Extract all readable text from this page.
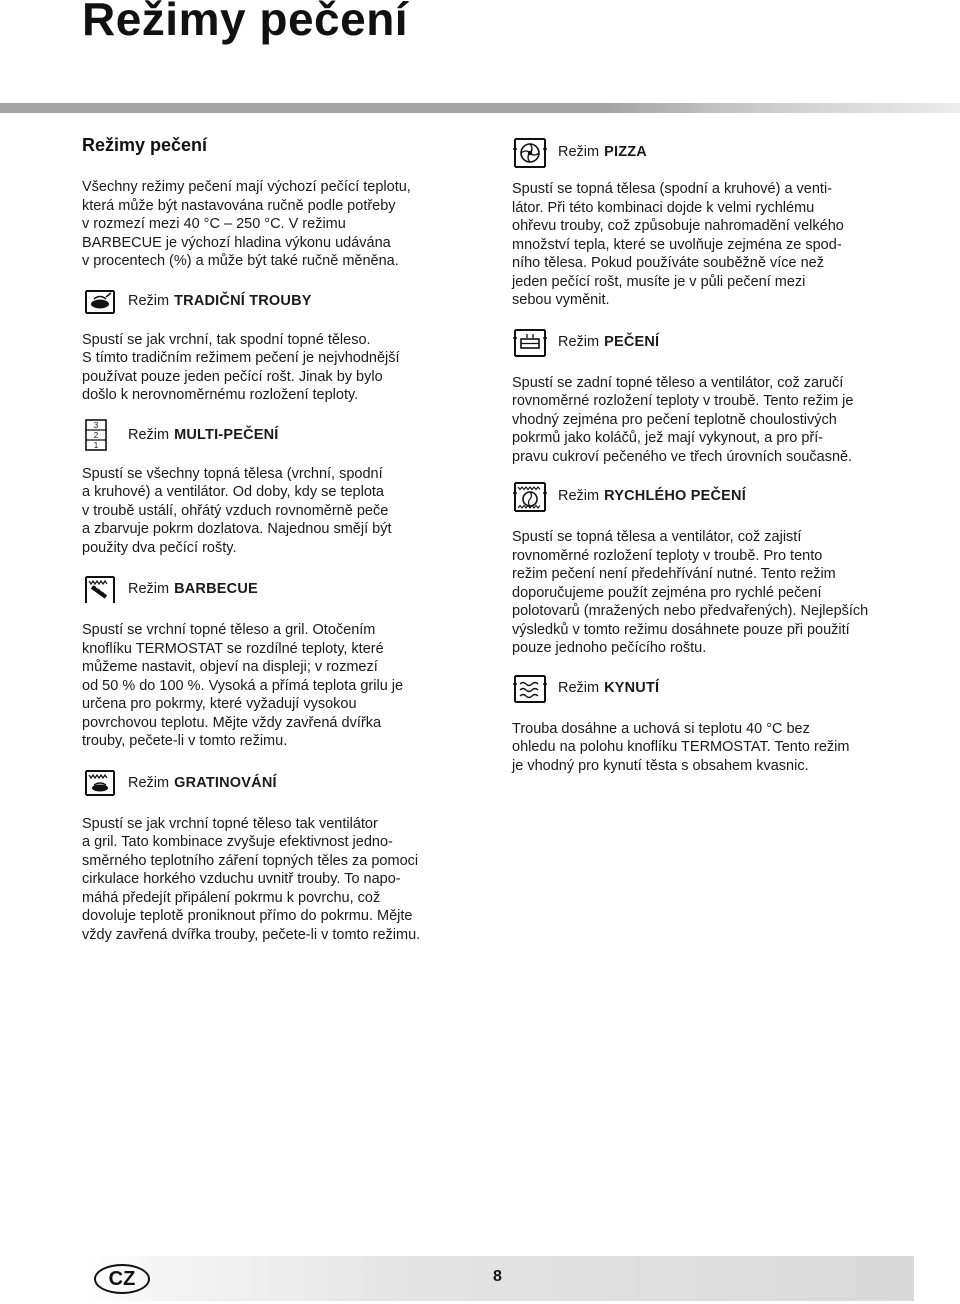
Režimy pečení
Režimy pečení

Všechny režimy pečení mají výchozí pečící teplotu,

která může být nastavována ručně podle potřeby

v rozmezí mezi 40 °C – 250 °C. V režimu

BARBECUE je výchozí hladina výkonu udávána

v procentech (%) a může být také ručně měněna.

Režim TRADIČNÍ TROUBY

Spustí se jak vrchní, tak spodní topné těleso.

S tímto tradičním režimem pečení je nejvhodnější

používat pouze jeden pečící rošt. Jinak by bylo

došlo k nerovnoměrnému rozložení teploty.

3
2
1
Režim MULTI-PEČENÍ

Spustí se všechny topná tělesa (vrchní, spodní

a kruhové) a ventilátor. Od doby, kdy se teplota

v troubě ustálí, ohřátý vzduch rovnoměrně peče

a zbarvuje pokrm dozlatova. Najednou smějí být

použity dva pečící rošty.

Režim BARBECUE

Spustí se vrchní topné těleso a gril. Otočením

knoflíku TERMOSTAT se rozdílné teploty, které

můžeme nastavit, objeví na displeji; v rozmezí

od 50 % do 100 %. Vysoká a přímá teplota grilu je

určena pro pokrmy, které vyžadují vysokou

povrchovou teplotu. Mějte vždy zavřená dvířka

trouby, pečete-li v tomto režimu.

Režim GRATINOVÁNÍ

Spustí se jak vrchní topné těleso tak ventilátor

a gril. Tato kombinace zvyšuje efektivnost jedno-

směrného teplotního záření topných těles za pomoci

cirkulace horkého vzduchu uvnitř trouby. To napo-

máhá předejít připálení pokrmu k povrchu, což

dovoluje teplotě proniknout přímo do pokrmu. Mějte

vždy zavřená dvířka trouby, pečete-li v tomto režimu.

Režim PIZZA

Spustí se topná tělesa (spodní a kruhové) a venti-

látor. Při této kombinaci dojde k velmi rychlému

ohřevu trouby, což způsobuje nahromadění velkého

množství tepla, které se uvolňuje zejména ze spod-

ního tělesa. Pokud používáte souběžně více než

jeden pečící rošt, musíte je v půli pečení mezi

sebou vyměnit.

Režim PEČENÍ

Spustí se zadní topné těleso a ventilátor, což zaručí

rovnoměrné rozložení teploty v troubě. Tento režim je

vhodný zejména pro pečení teplotně choulostivých

pokrmů jako koláčů, jež mají vykynout, a pro pří-

pravu cukroví pečeného ve třech úrovních současně.

Režim RYCHLÉHO PEČENÍ

Spustí se topná tělesa a ventilátor, což zajistí

rovnoměrné rozložení teploty v troubě. Pro tento

režim pečení není předehřívání nutné. Tento režim

doporučujeme použít zejména pro rychlé pečení

polotovarů (mražených nebo předvařených). Nejlepších

výsledků v tomto režimu dosáhnete pouze při použití

pouze jednoho pečícího roštu.

Režim KYNUTÍ

Trouba dosáhne a uchová si teplotu 40 °C bez

ohledu na polohu knoflíku TERMOSTAT. Tento režim

je vhodný pro kynutí těsta s obsahem kvasnic.

CZ	8
